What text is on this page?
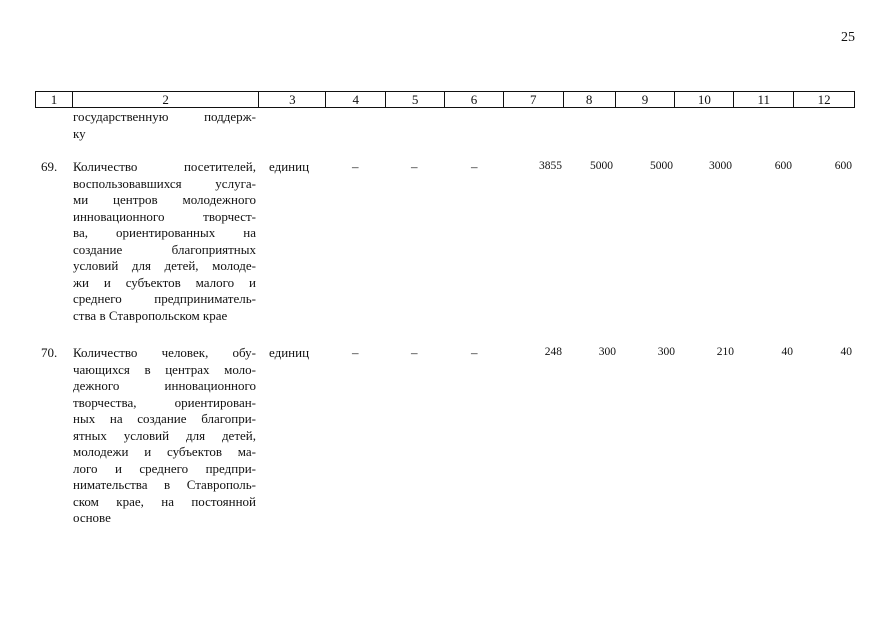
25
1	2	3	4	5	6	7	8	9	10	11	12
государственную поддерж-
ку
69. Количество посетителей,
воспользовавшихся услуга-
ми центров молодежного
инновационного творчест-
ва, ориентированных на
создание благоприятных
условий для детей, молоде-
жи и субъектов малого и
среднего предприниматель-
ства в Ставропольском крае
единиц	–	–	–	3855	5000	5000	3000	600	600
70. Количество человек, обу-
чающихся в центрах моло-
дежного инновационного
творчества, ориентирован-
ных на создание благопри-
ятных условий для детей,
молодежи и субъектов ма-
лого и среднего предпри-
нимательства в Ставрополь-
ском крае, на постоянной
основе
единиц	–	–	–	248	300	300	210	40	40
